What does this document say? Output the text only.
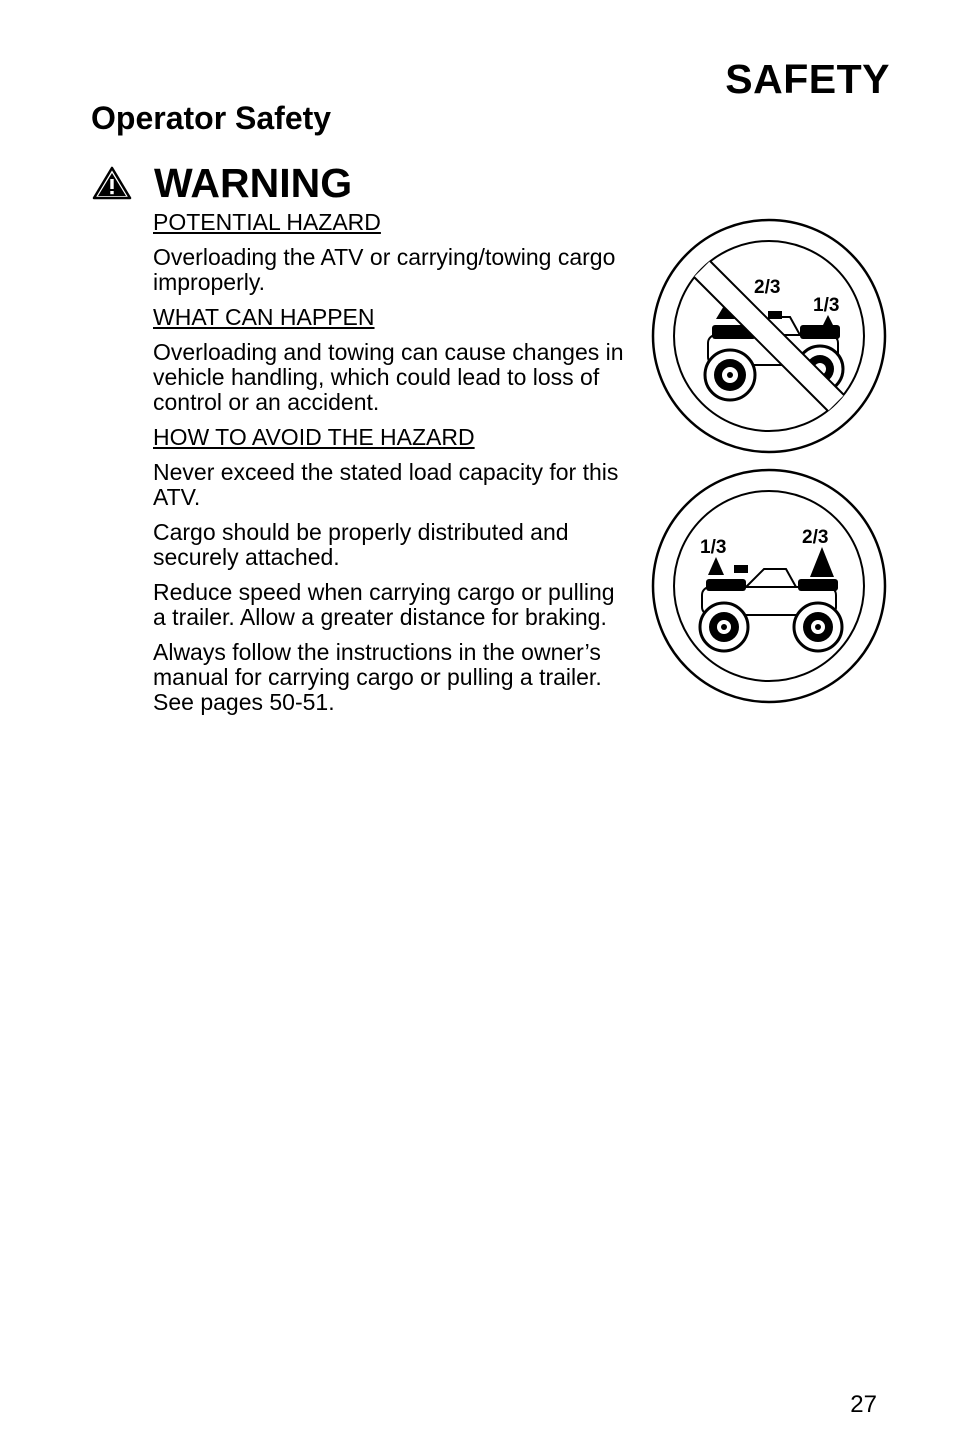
SAFETY
Operator Safety
WARNING

POTENTIAL HAZARD

Overloading the ATV or carrying/towing cargo improperly.

WHAT CAN HAPPEN

Overloading and towing can cause changes in vehicle handling, which could lead to loss of control or an accident.

HOW TO AVOID THE HAZARD

Never exceed the stated load capacity for this ATV.

Cargo should be properly distributed and securely attached.

Reduce speed when carrying cargo or pulling a trailer. Allow a greater distance for braking.

Always follow the instructions in the owner’s manual for carrying cargo or pulling a trailer. See pages 50-51.

2/3
1/3
1/3	2/3
27
